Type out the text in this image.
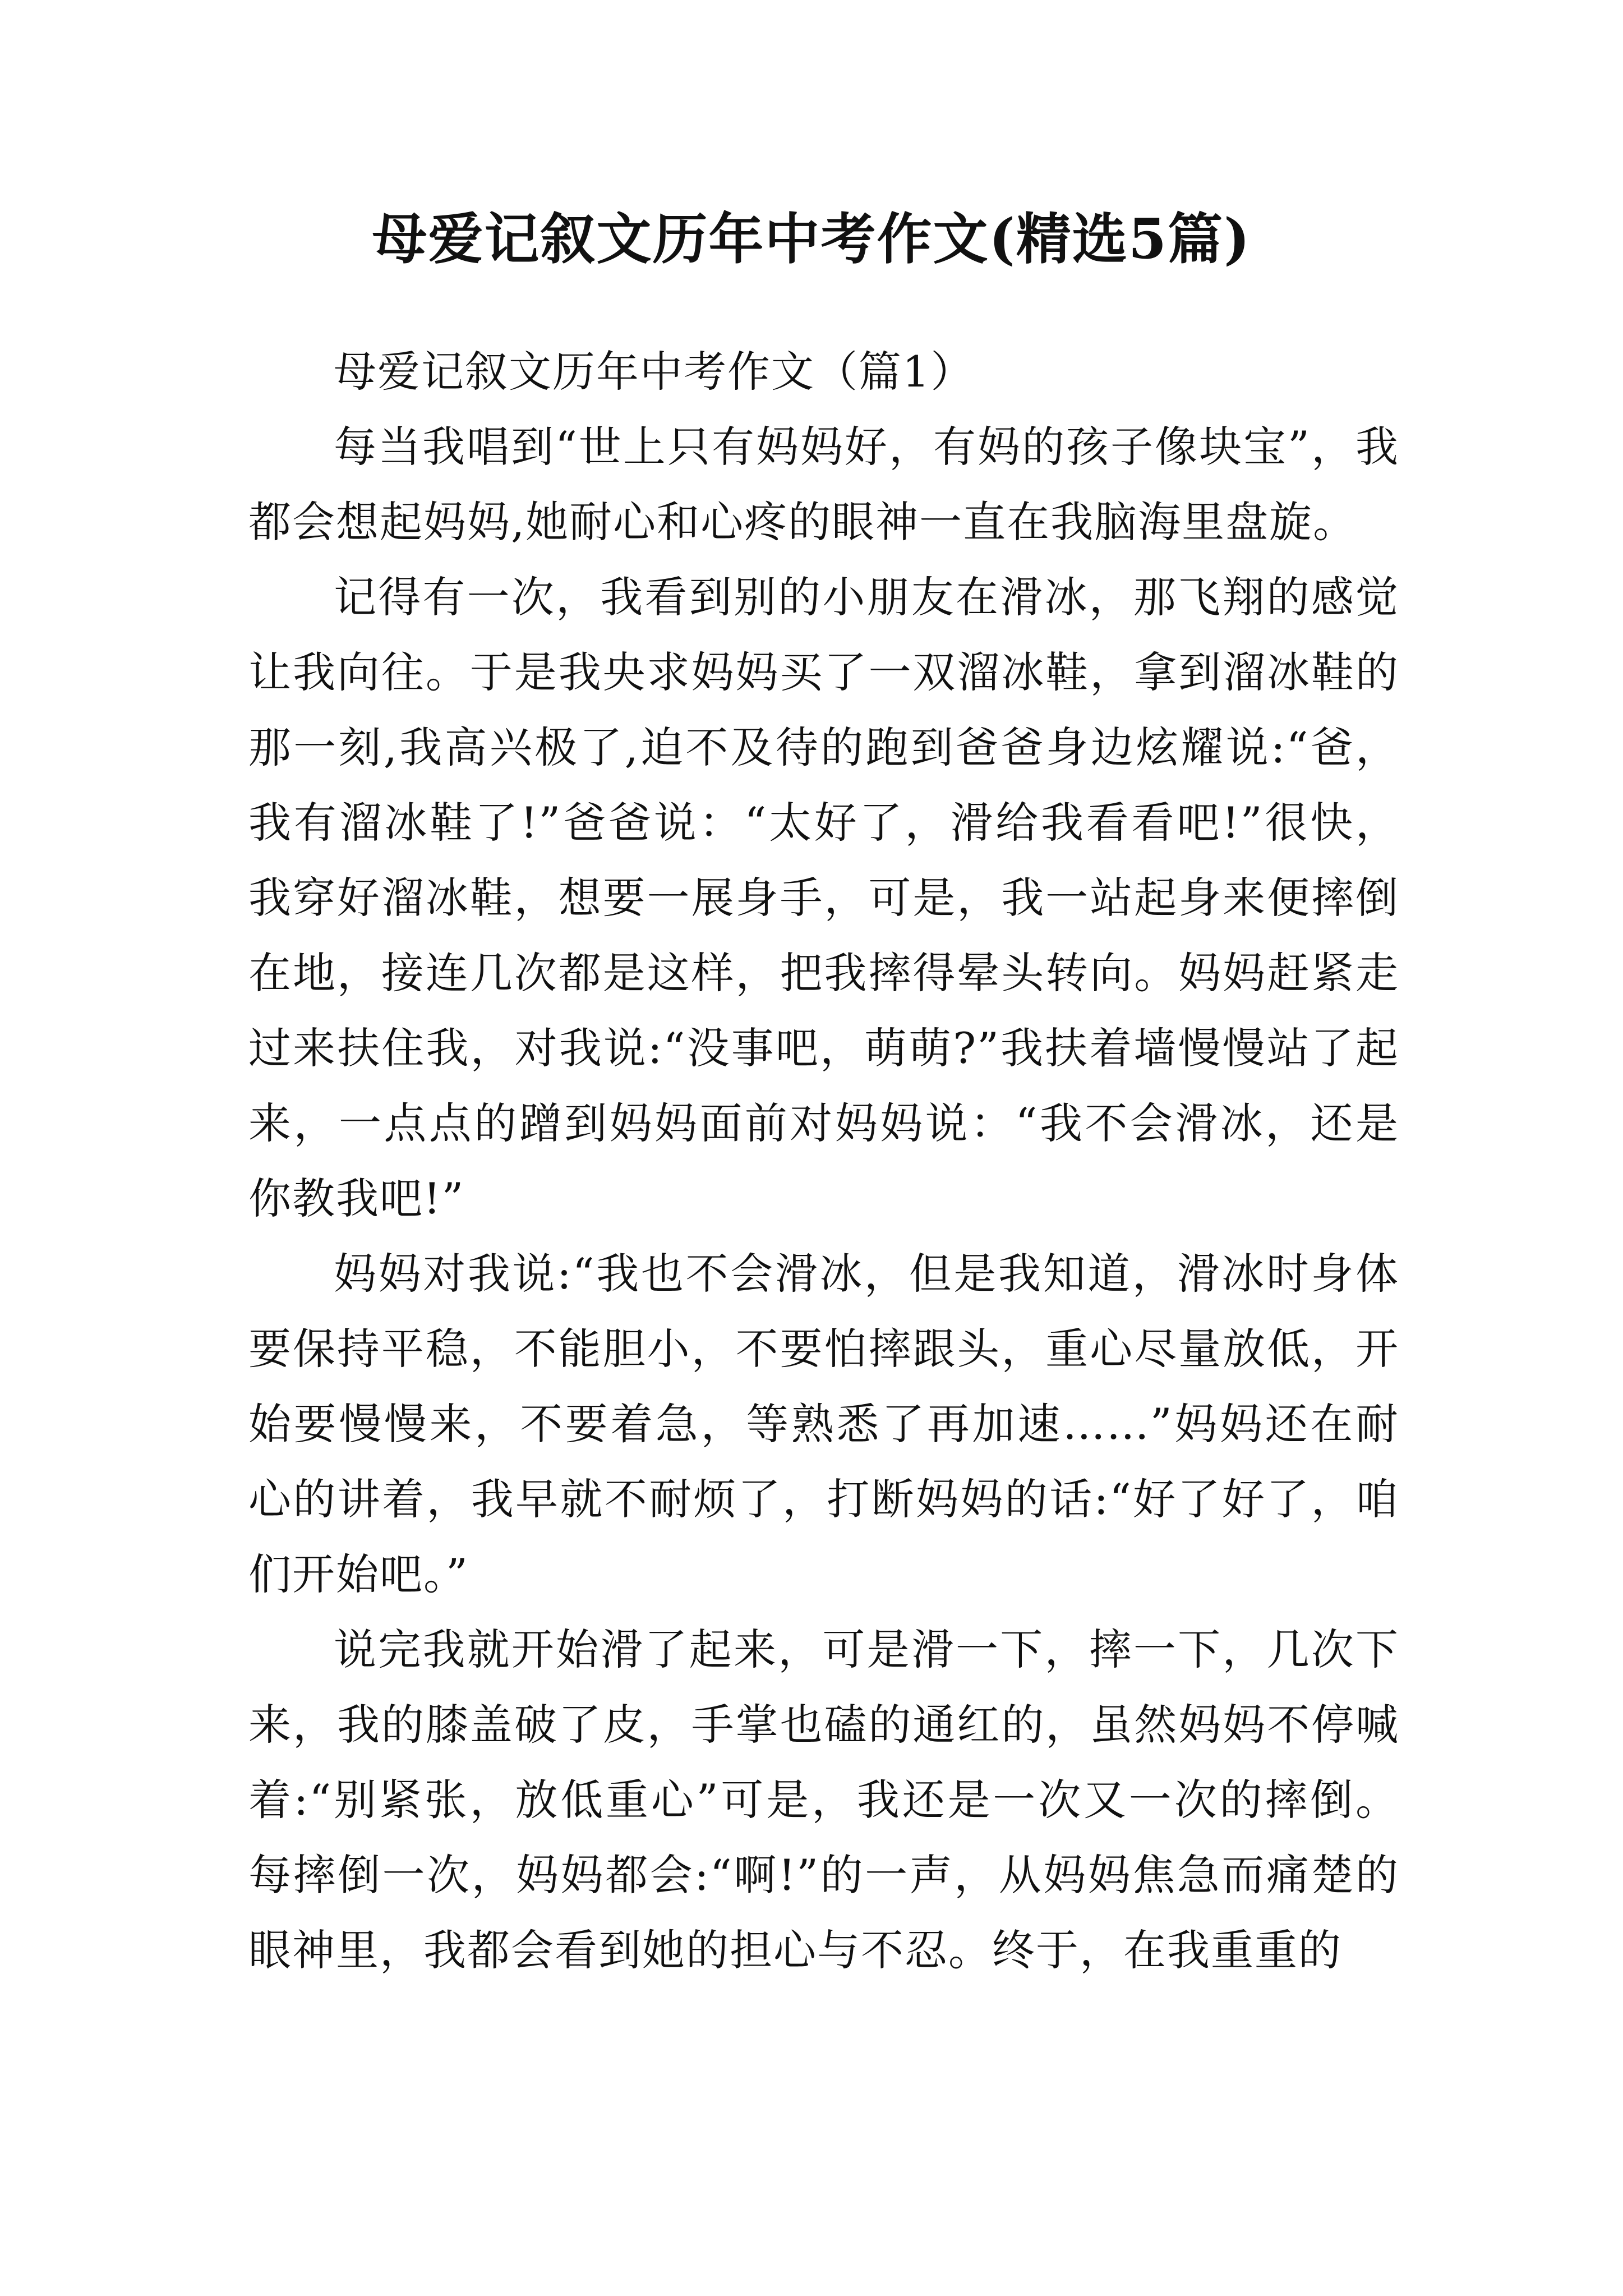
母爱记叙文历年中考作文(精选5篇)

母爱记叙文历年中考作文（篇1）

每当我唱到“世上只有妈妈好，有妈的孩子像块宝”，我都会想起妈妈,她耐心和心疼的眼神一直在我脑海里盘旋。

记得有一次，我看到别的小朋友在滑冰，那飞翔的感觉让我向往。于是我央求妈妈买了一双溜冰鞋，拿到溜冰鞋的那一刻,我高兴极了,迫不及待的跑到爸爸身边炫耀说:“爸，我有溜冰鞋了!”爸爸说：“太好了，滑给我看看吧!”很快，我穿好溜冰鞋，想要一展身手，可是，我一站起身来便摔倒在地，接连几次都是这样，把我摔得晕头转向。妈妈赶紧走过来扶住我，对我说:“没事吧，萌萌?”我扶着墙慢慢站了起来，一点点的蹭到妈妈面前对妈妈说：“我不会滑冰，还是你教我吧!”

妈妈对我说:“我也不会滑冰，但是我知道，滑冰时身体要保持平稳，不能胆小，不要怕摔跟头，重心尽量放低，开始要慢慢来，不要着急，等熟悉了再加速……”妈妈还在耐心的讲着，我早就不耐烦了，打断妈妈的话:“好了好了，咱们开始吧。”

说完我就开始滑了起来，可是滑一下，摔一下，几次下来，我的膝盖破了皮，手掌也磕的通红的，虽然妈妈不停喊着:“别紧张，放低重心”可是，我还是一次又一次的摔倒。每摔倒一次，妈妈都会:“啊!”的一声，从妈妈焦急而痛楚的眼神里，我都会看到她的担心与不忍。终于，在我重重的
